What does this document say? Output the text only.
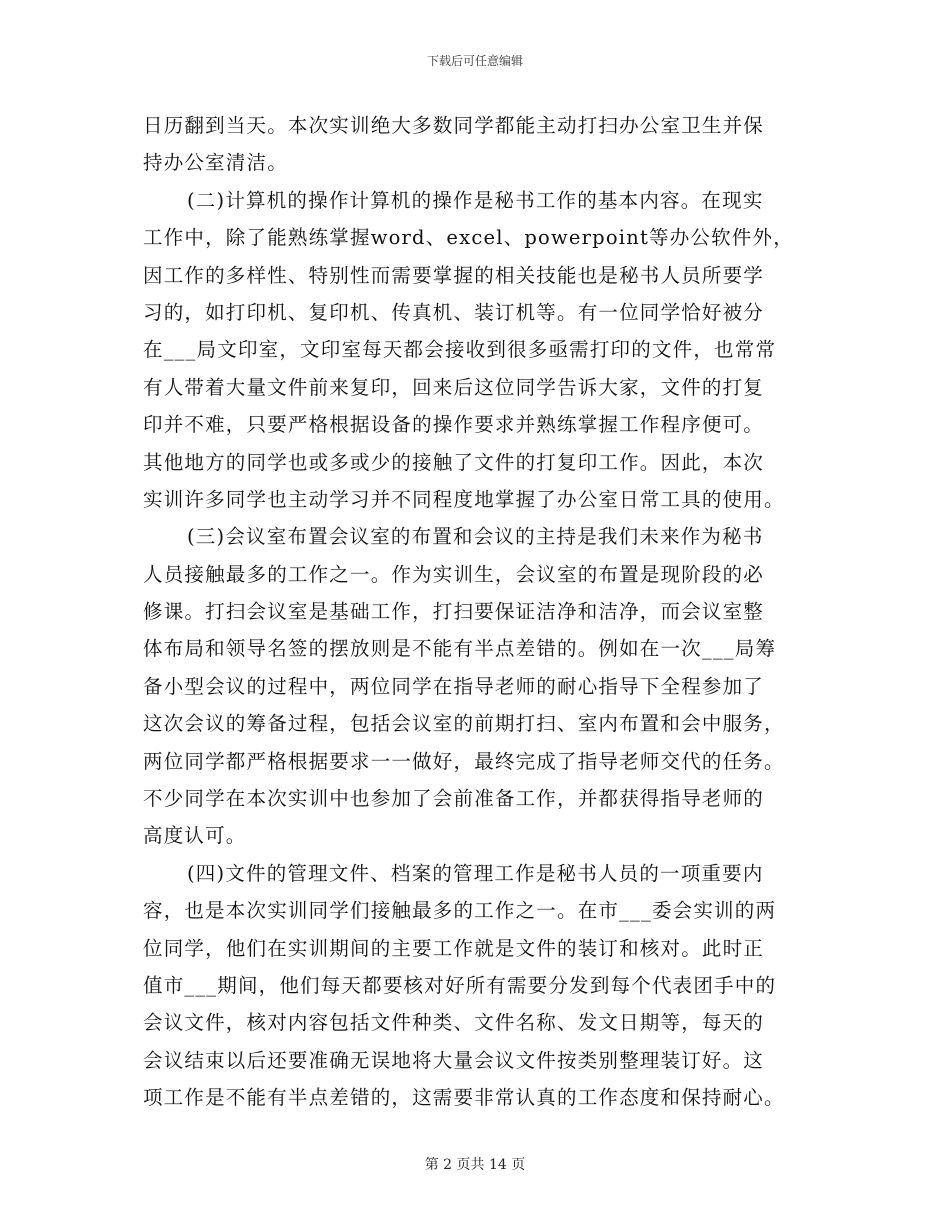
下载后可任意编辑
日历翻到当天。本次实训绝大多数同学都能主动打扫办公室卫生并保
持办公室清洁。
(二)计算机的操作计算机的操作是秘书工作的基本内容。在现实
工作中，除了能熟练掌握word、excel、powerpoint等办公软件外，
因工作的多样性、特别性而需要掌握的相关技能也是秘书人员所要学
习的，如打印机、复印机、传真机、装订机等。有一位同学恰好被分
在___局文印室，文印室每天都会接收到很多亟需打印的文件，也常常
有人带着大量文件前来复印，回来后这位同学告诉大家，文件的打复
印并不难，只要严格根据设备的操作要求并熟练掌握工作程序便可。
其他地方的同学也或多或少的接触了文件的打复印工作。因此，本次
实训许多同学也主动学习并不同程度地掌握了办公室日常工具的使用。
(三)会议室布置会议室的布置和会议的主持是我们未来作为秘书
人员接触最多的工作之一。作为实训生，会议室的布置是现阶段的必
修课。打扫会议室是基础工作，打扫要保证洁净和洁净，而会议室整
体布局和领导名签的摆放则是不能有半点差错的。例如在一次___局筹
备小型会议的过程中，两位同学在指导老师的耐心指导下全程参加了
这次会议的筹备过程，包括会议室的前期打扫、室内布置和会中服务，
两位同学都严格根据要求一一做好，最终完成了指导老师交代的任务。
不少同学在本次实训中也参加了会前准备工作，并都获得指导老师的
高度认可。
(四)文件的管理文件、档案的管理工作是秘书人员的一项重要内
容，也是本次实训同学们接触最多的工作之一。在市___委会实训的两
位同学，他们在实训期间的主要工作就是文件的装订和核对。此时正
值市___期间，他们每天都要核对好所有需要分发到每个代表团手中的
会议文件，核对内容包括文件种类、文件名称、发文日期等，每天的
会议结束以后还要准确无误地将大量会议文件按类别整理装订好。这
项工作是不能有半点差错的，这需要非常认真的工作态度和保持耐心。
第 2 页共 14 页
